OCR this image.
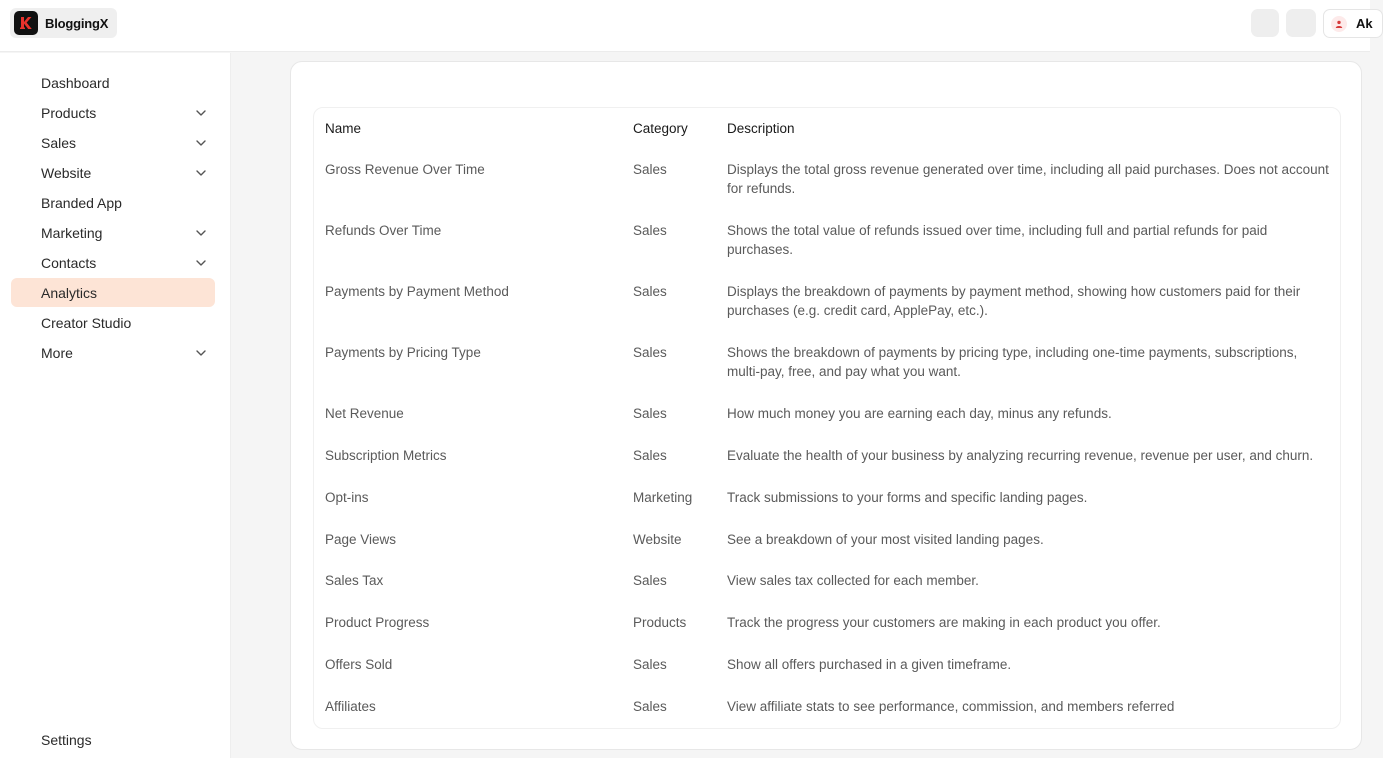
BloggingX	Ak
Dashboard
Products
Sales
Website
Branded App
Marketing
Contacts
Analytics
Creator Studio
More
Settings
Name	Category	Description
Gross Revenue Over Time	Sales	Displays the total gross revenue generated over time, including all paid purchases. Does not account for refunds.
Refunds Over Time	Sales	Shows the total value of refunds issued over time, including full and partial refunds for paid purchases.
Payments by Payment Method	Sales	Displays the breakdown of payments by payment method, showing how customers paid for their purchases (e.g. credit card, ApplePay, etc.).
Payments by Pricing Type	Sales	Shows the breakdown of payments by pricing type, including one-time payments, subscriptions, multi-pay, free, and pay what you want.
Net Revenue	Sales	How much money you are earning each day, minus any refunds.
Subscription Metrics	Sales	Evaluate the health of your business by analyzing recurring revenue, revenue per user, and churn.
Opt-ins	Marketing	Track submissions to your forms and specific landing pages.
Page Views	Website	See a breakdown of your most visited landing pages.
Sales Tax	Sales	View sales tax collected for each member.
Product Progress	Products	Track the progress your customers are making in each product you offer.
Offers Sold	Sales	Show all offers purchased in a given timeframe.
Affiliates	Sales	View affiliate stats to see performance, commission, and members referred
